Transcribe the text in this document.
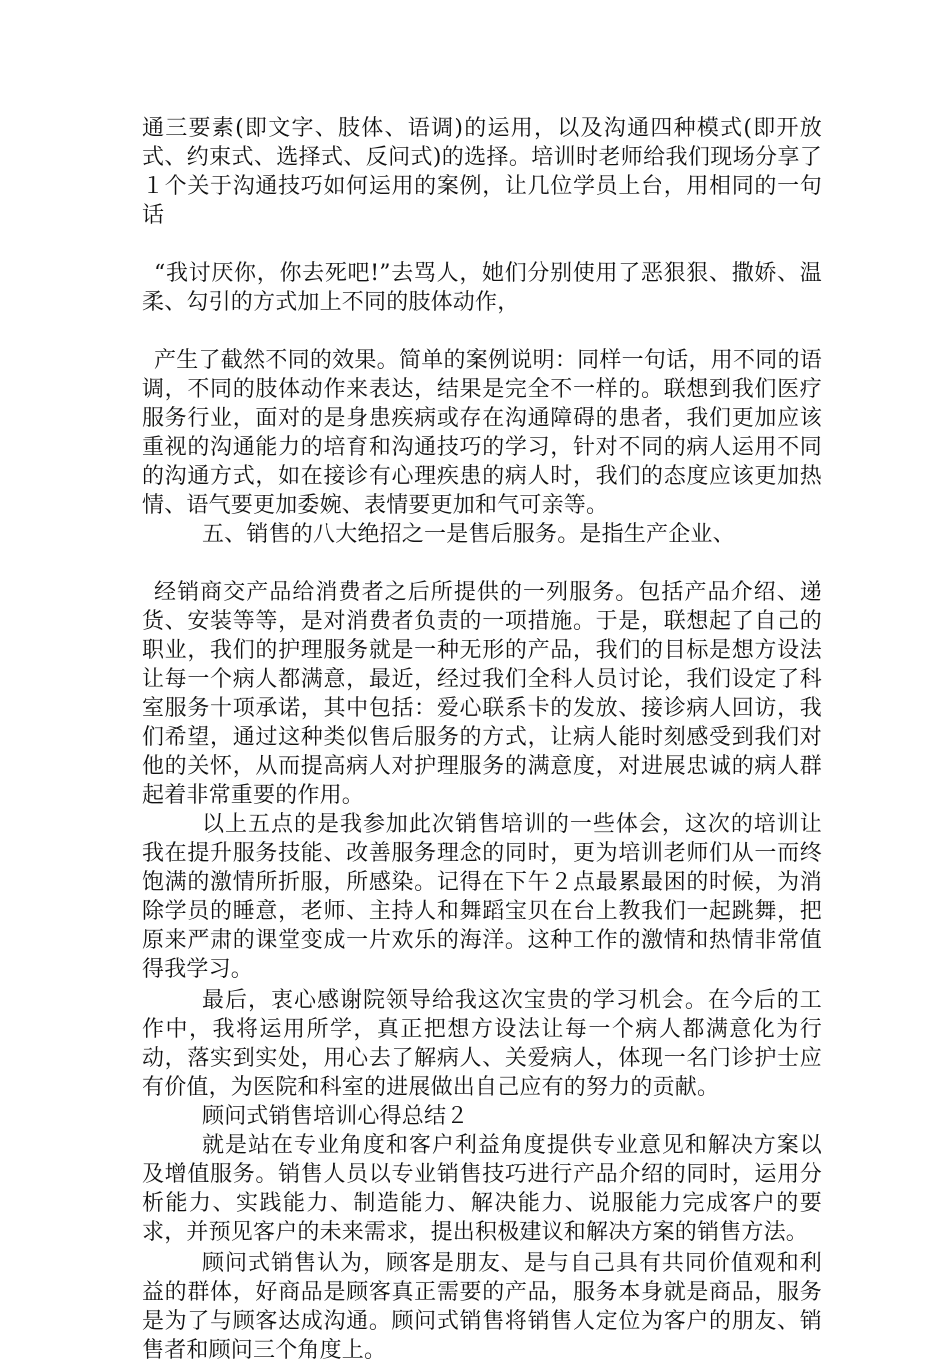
通三要素(即文字、肢体、语调)的运用，以及沟通四种模式(即开放式、约束式、选择式、反问式)的选择。培训时老师给我们现场分享了１个关于沟通技巧如何运用的案例，让几位学员上台，用相同的一句话

“我讨厌你，你去死吧!”去骂人，她们分别使用了恶狠狠、撒娇、温柔、勾引的方式加上不同的肢体动作，

产生了截然不同的效果。简单的案例说明：同样一句话，用不同的语调，不同的肢体动作来表达，结果是完全不一样的。联想到我们医疗服务行业，面对的是身患疾病或存在沟通障碍的患者，我们更加应该重视的沟通能力的培育和沟通技巧的学习，针对不同的病人运用不同的沟通方式，如在接诊有心理疾患的病人时，我们的态度应该更加热情、语气要更加委婉、表情要更加和气可亲等。

五、销售的八大绝招之一是售后服务。是指生产企业、

经销商交产品给消费者之后所提供的一列服务。包括产品介绍、递货、安装等等，是对消费者负责的一项措施。于是，联想起了自己的职业，我们的护理服务就是一种无形的产品，我们的目标是想方设法让每一个病人都满意，最近，经过我们全科人员讨论，我们设定了科室服务十项承诺，其中包括：爱心联系卡的发放、接诊病人回访，我们希望，通过这种类似售后服务的方式，让病人能时刻感受到我们对他的关怀，从而提高病人对护理服务的满意度，对进展忠诚的病人群起着非常重要的作用。

以上五点的是我参加此次销售培训的一些体会，这次的培训让我在提升服务技能、改善服务理念的同时，更为培训老师们从一而终饱满的激情所折服，所感染。记得在下午２点最累最困的时候，为消除学员的睡意，老师、主持人和舞蹈宝贝在台上教我们一起跳舞，把原来严肃的课堂变成一片欢乐的海洋。这种工作的激情和热情非常值得我学习。

最后，衷心感谢院领导给我这次宝贵的学习机会。在今后的工作中，我将运用所学，真正把想方设法让每一个病人都满意化为行动，落实到实处，用心去了解病人、关爱病人，体现一名门诊护士应有价值，为医院和科室的进展做出自己应有的努力的贡献。

顾问式销售培训心得总结２

就是站在专业角度和客户利益角度提供专业意见和解决方案以及增值服务。销售人员以专业销售技巧进行产品介绍的同时，运用分析能力、实践能力、制造能力、解决能力、说服能力完成客户的要求，并预见客户的未来需求，提出积极建议和解决方案的销售方法。

顾问式销售认为，顾客是朋友、是与自己具有共同价值观和利益的群体，好商品是顾客真正需要的产品，服务本身就是商品，服务是为了与顾客达成沟通。顾问式销售将销售人定位为客户的朋友、销售者和顾问三个角度上。
